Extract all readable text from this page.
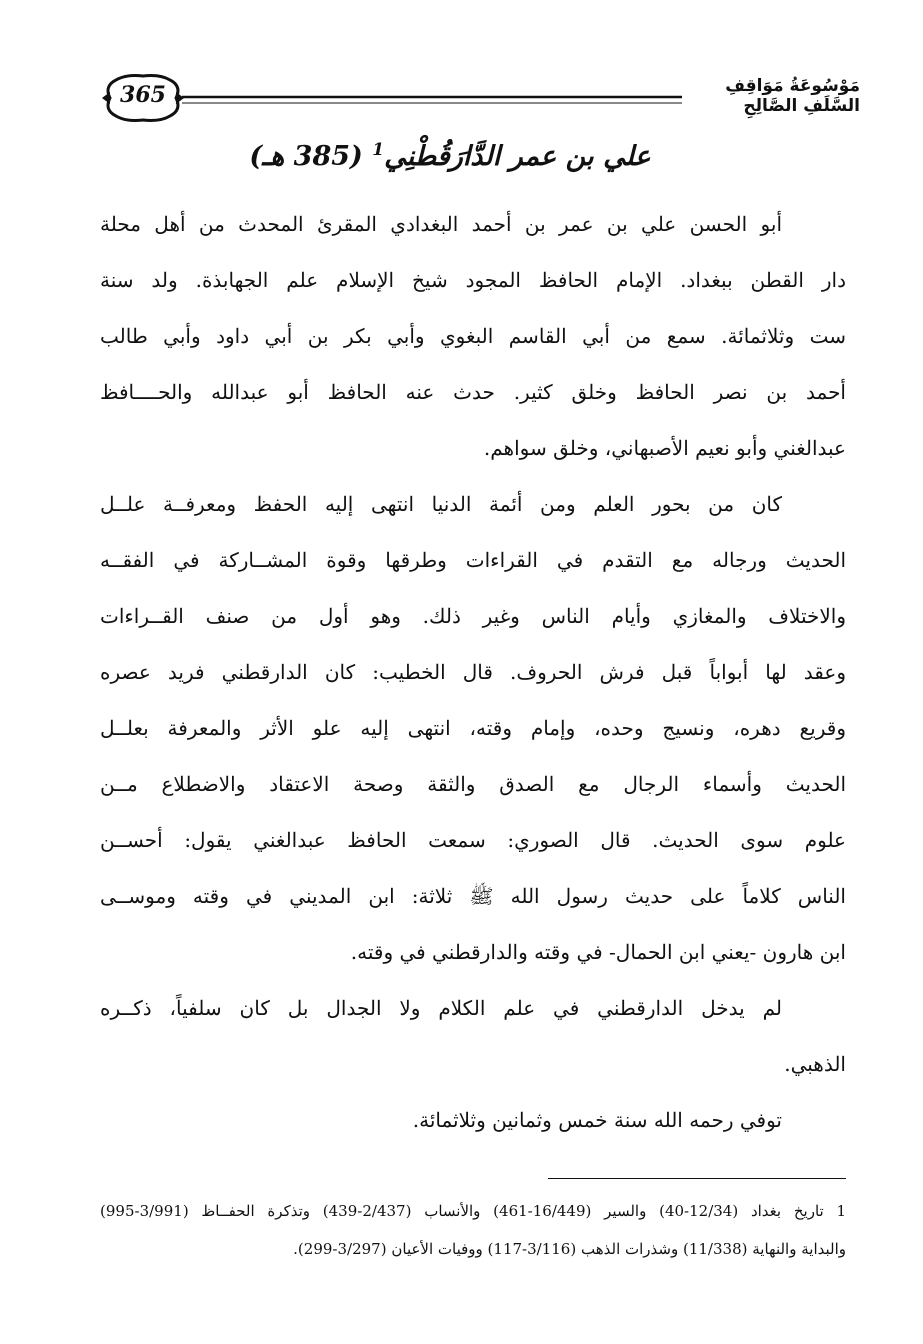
365	مَوْسُوعَةُ مَوَاقِفِ السَّلَفِ الصَّالِحِ
علي بن عمر الدَّارَقُطْنِي$^1$ (385 هـ)
أبو الحسن علي بن عمر بن أحمد البغدادي المقرئ المحدث من أهل محلة
دار القطن ببغداد. الإمام الحافظ المجود شيخ الإسلام علم الجهابذة. ولد سنة
ست وثلاثمائة. سمع من أبي القاسم البغوي وأبي بكر بن أبي داود وأبي طالب
أحمد بن نصر الحافظ وخلق كثير. حدث عنه الحافظ أبو عبدالله والحــــافظ
عبدالغني وأبو نعيم الأصبهاني، وخلق سواهم.
كان من بحور العلم ومن أئمة الدنيا انتهى إليه الحفظ ومعرفــة علــل
الحديث ورجاله مع التقدم في القراءات وطرقها وقوة المشــاركة في الفقــه
والاختلاف والمغازي وأيام الناس وغير ذلك. وهو أول من صنف القــراءات
وعقد لها أبواباً قبل فرش الحروف. قال الخطيب: كان الدارقطني فريد عصره
وقريع دهره، ونسيج وحده، وإمام وقته، انتهى إليه علو الأثر والمعرفة بعلــل
الحديث وأسماء الرجال مع الصدق والثقة وصحة الاعتقاد والاضطلاع مــن
علوم سوى الحديث. قال الصوري: سمعت الحافظ عبدالغني يقول: أحســن
الناس كلاماً على حديث رسول الله ﷺ ثلاثة: ابن المديني في وقته وموســى
ابن هارون -يعني ابن الحمال- في وقته والدارقطني في وقته.
لم يدخل الدارقطني في علم الكلام ولا الجدال بل كان سلفياً، ذكــره
الذهبي.
توفي رحمه الله سنة خمس وثمانين وثلاثمائة.
1 تاريخ بغداد (12/34-40) والسير (16/449-461) والأنساب (2/437-439) وتذكرة الحفــاظ (3/991-995)
والبداية والنهاية (11/338) وشذرات الذهب (3/116-117) ووفيات الأعيان (3/297-299).
